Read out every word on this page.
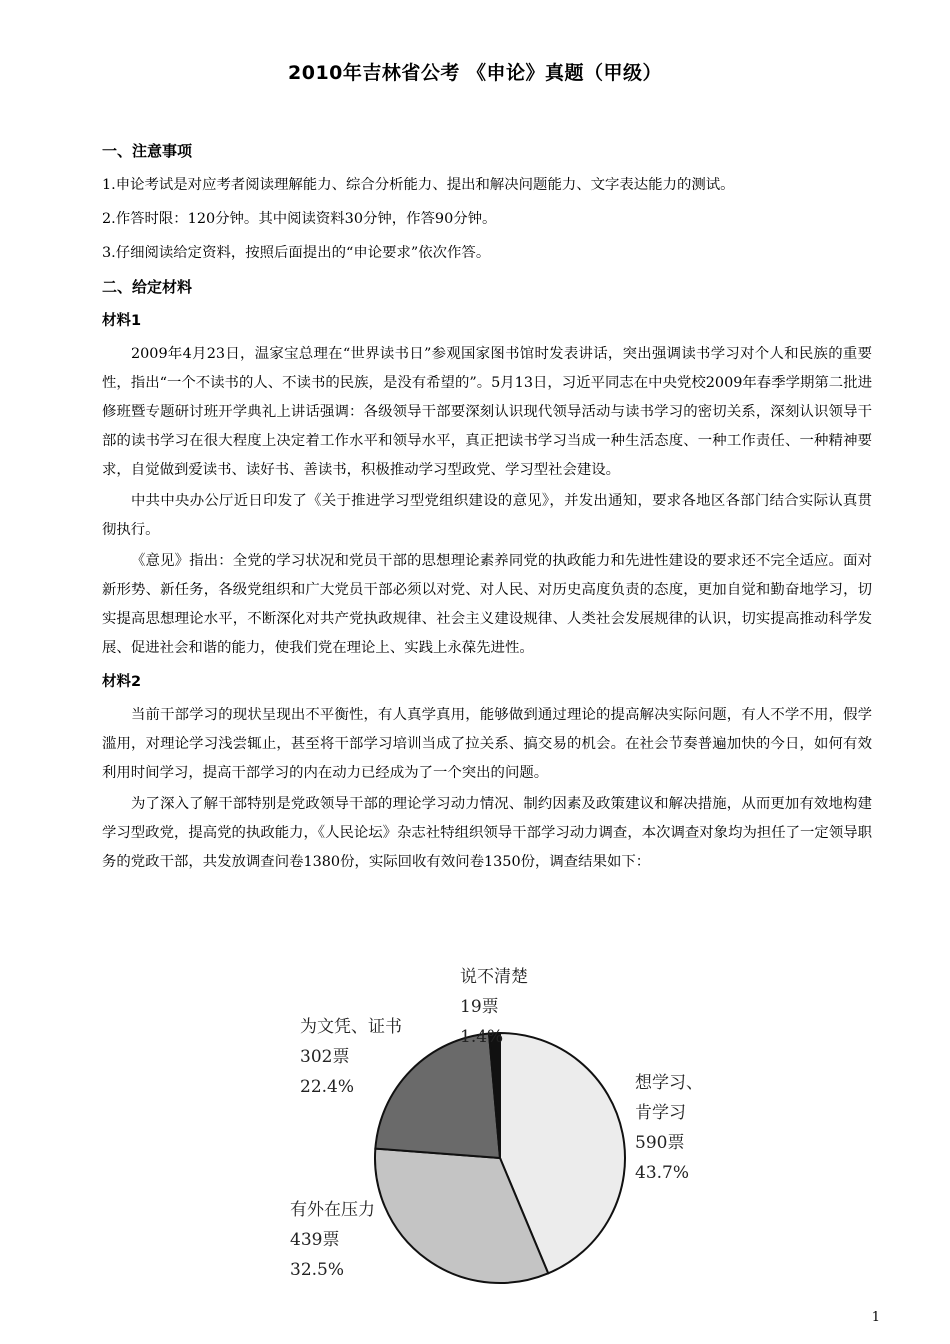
2010年吉林省公考 《申论》真题（甲级）
一、注意事项
1.申论考试是对应考者阅读理解能力、综合分析能力、提出和解决问题能力、文字表达能力的测试。
2.作答时限：120分钟。其中阅读资料30分钟，作答90分钟。
3.仔细阅读给定资料，按照后面提出的“申论要求”依次作答。
二、给定材料
材料1

2009年4月23日，温家宝总理在“世界读书日”参观国家图书馆时发表讲话，突出强调读书学习对个人和民族的重要性，指出“一个不读书的人、不读书的民族，是没有希望的”。5月13日，习近平同志在中央党校2009年春季学期第二批进修班暨专题研讨班开学典礼上讲话强调：各级领导干部要深刻认识现代领导活动与读书学习的密切关系，深刻认识领导干部的读书学习在很大程度上决定着工作水平和领导水平，真正把读书学习当成一种生活态度、一种工作责任、一种精神要求，自觉做到爱读书、读好书、善读书，积极推动学习型政党、学习型社会建设。

中共中央办公厅近日印发了《关于推进学习型党组织建设的意见》，并发出通知，要求各地区各部门结合实际认真贯彻执行。

《意见》指出：全党的学习状况和党员干部的思想理论素养同党的执政能力和先进性建设的要求还不完全适应。面对新形势、新任务，各级党组织和广大党员干部必须以对党、对人民、对历史高度负责的态度，更加自觉和勤奋地学习，切实提高思想理论水平，不断深化对共产党执政规律、社会主义建设规律、人类社会发展规律的认识，切实提高推动科学发展、促进社会和谐的能力，使我们党在理论上、实践上永葆先进性。

材料2

当前干部学习的现状呈现出不平衡性，有人真学真用，能够做到通过理论的提高解决实际问题，有人不学不用，假学滥用，对理论学习浅尝辄止，甚至将干部学习培训当成了拉关系、搞交易的机会。在社会节奏普遍加快的今日，如何有效利用时间学习，提高干部学习的内在动力已经成为了一个突出的问题。

为了深入了解干部特别是党政领导干部的理论学习动力情况、制约因素及政策建议和解决措施，从而更加有效地构建学习型政党，提高党的执政能力，《人民论坛》杂志社特组织领导干部学习动力调查，本次调查对象均为担任了一定领导职务的党政干部，共发放调查问卷1380份，实际回收有效问卷1350份，调查结果如下：

想学习、
肯学习
590票
43.7%
有外在压力
439票
32.5%
为文凭、证书
302票
22.4%
说不清楚
19票
1.4%
1
